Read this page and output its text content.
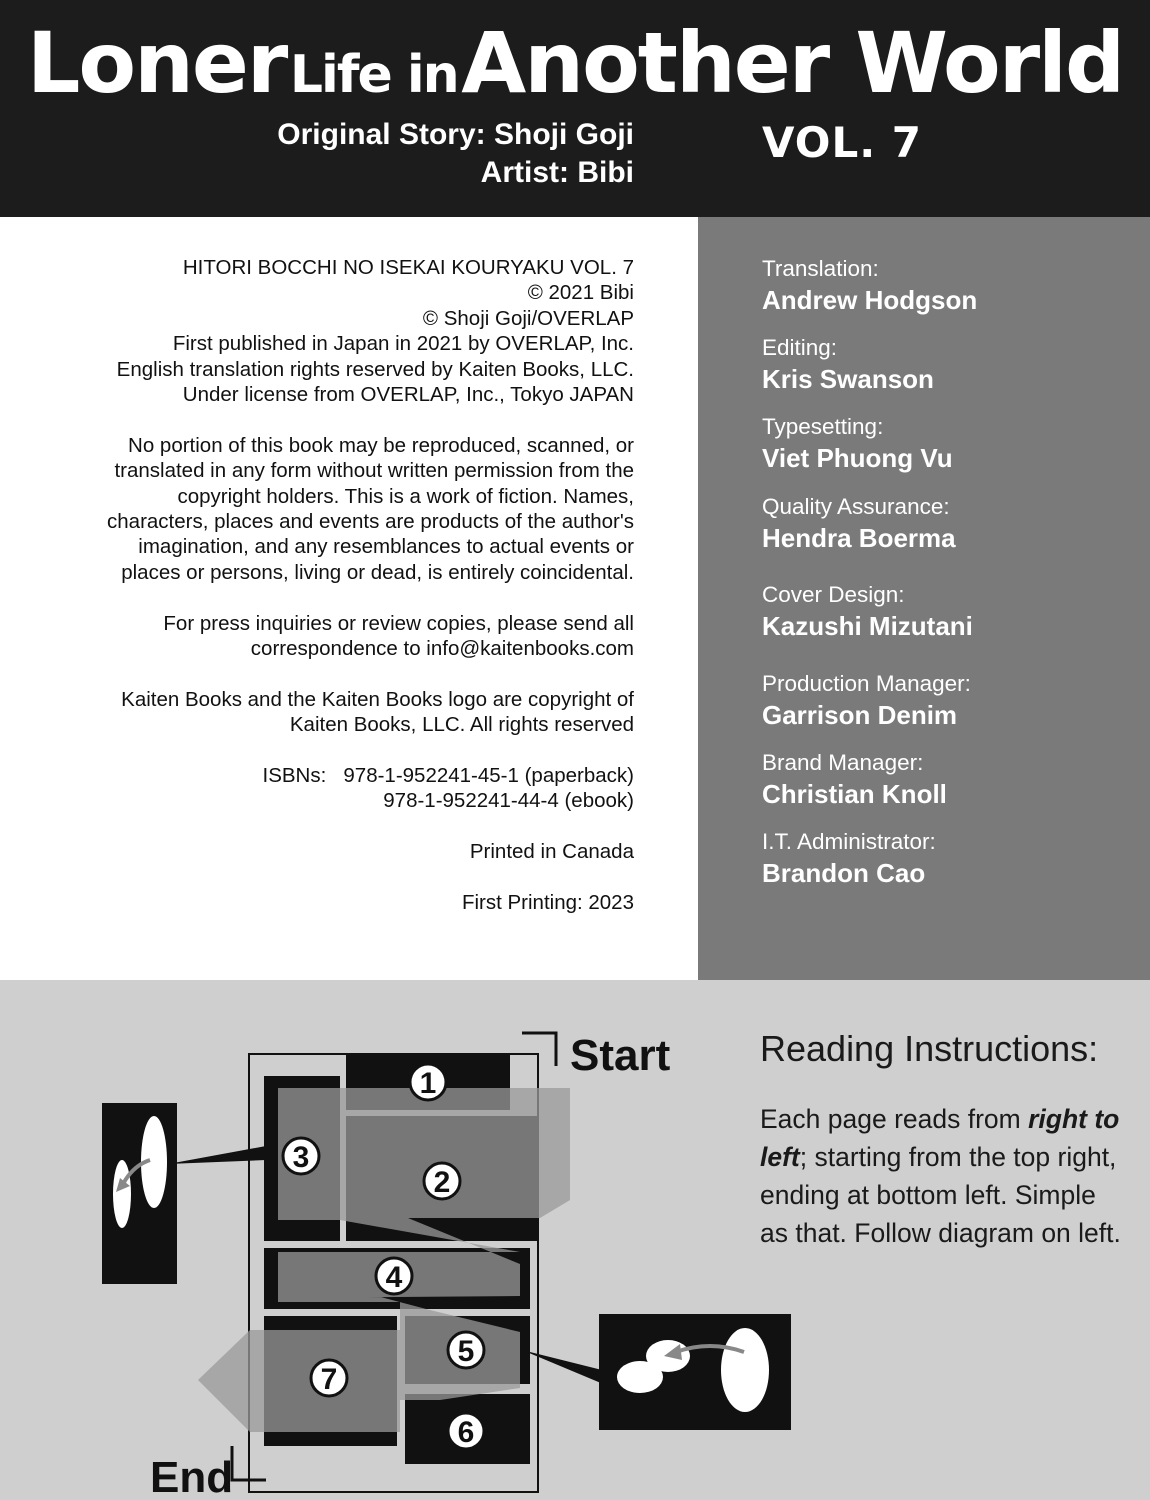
Loner Life in Another World
Original Story: Shoji Goji
Artist: Bibi
VOL. 7

HITORI BOCCHI NO ISEKAI KOURYAKU VOL. 7
© 2021 Bibi
© Shoji Goji/OVERLAP
First published in Japan in 2021 by OVERLAP, Inc.
English translation rights reserved by Kaiten Books, LLC.
Under license from OVERLAP, Inc., Tokyo JAPAN

No portion of this book may be reproduced, scanned, or
translated in any form without written permission from the
copyright holders. This is a work of fiction. Names,
characters, places and events are products of the author's
imagination, and any resemblances to actual events or
places or persons, living or dead, is entirely coincidental.

For press inquiries or review copies, please send all
correspondence to info@kaitenbooks.com

Kaiten Books and the Kaiten Books logo are copyright of
Kaiten Books, LLC. All rights reserved

ISBNs: 978-1-952241-45-1 (paperback)
978-1-952241-44-4 (ebook)

Printed in Canada

First Printing: 2023

Translation:
Andrew Hodgson
Editing:
Kris Swanson
Typesetting:
Viet Phuong Vu
Quality Assurance:
Hendra Boerma
Cover Design:
Kazushi Mizutani
Production Manager:
Garrison Denim
Brand Manager:
Christian Knoll
I.T. Administrator:
Brandon Cao
1
2
3
4
5
6
7
Start
End
Reading Instructions:
Each page reads from right to left; starting from the top right, ending at bottom left. Simple as that. Follow diagram on left.
